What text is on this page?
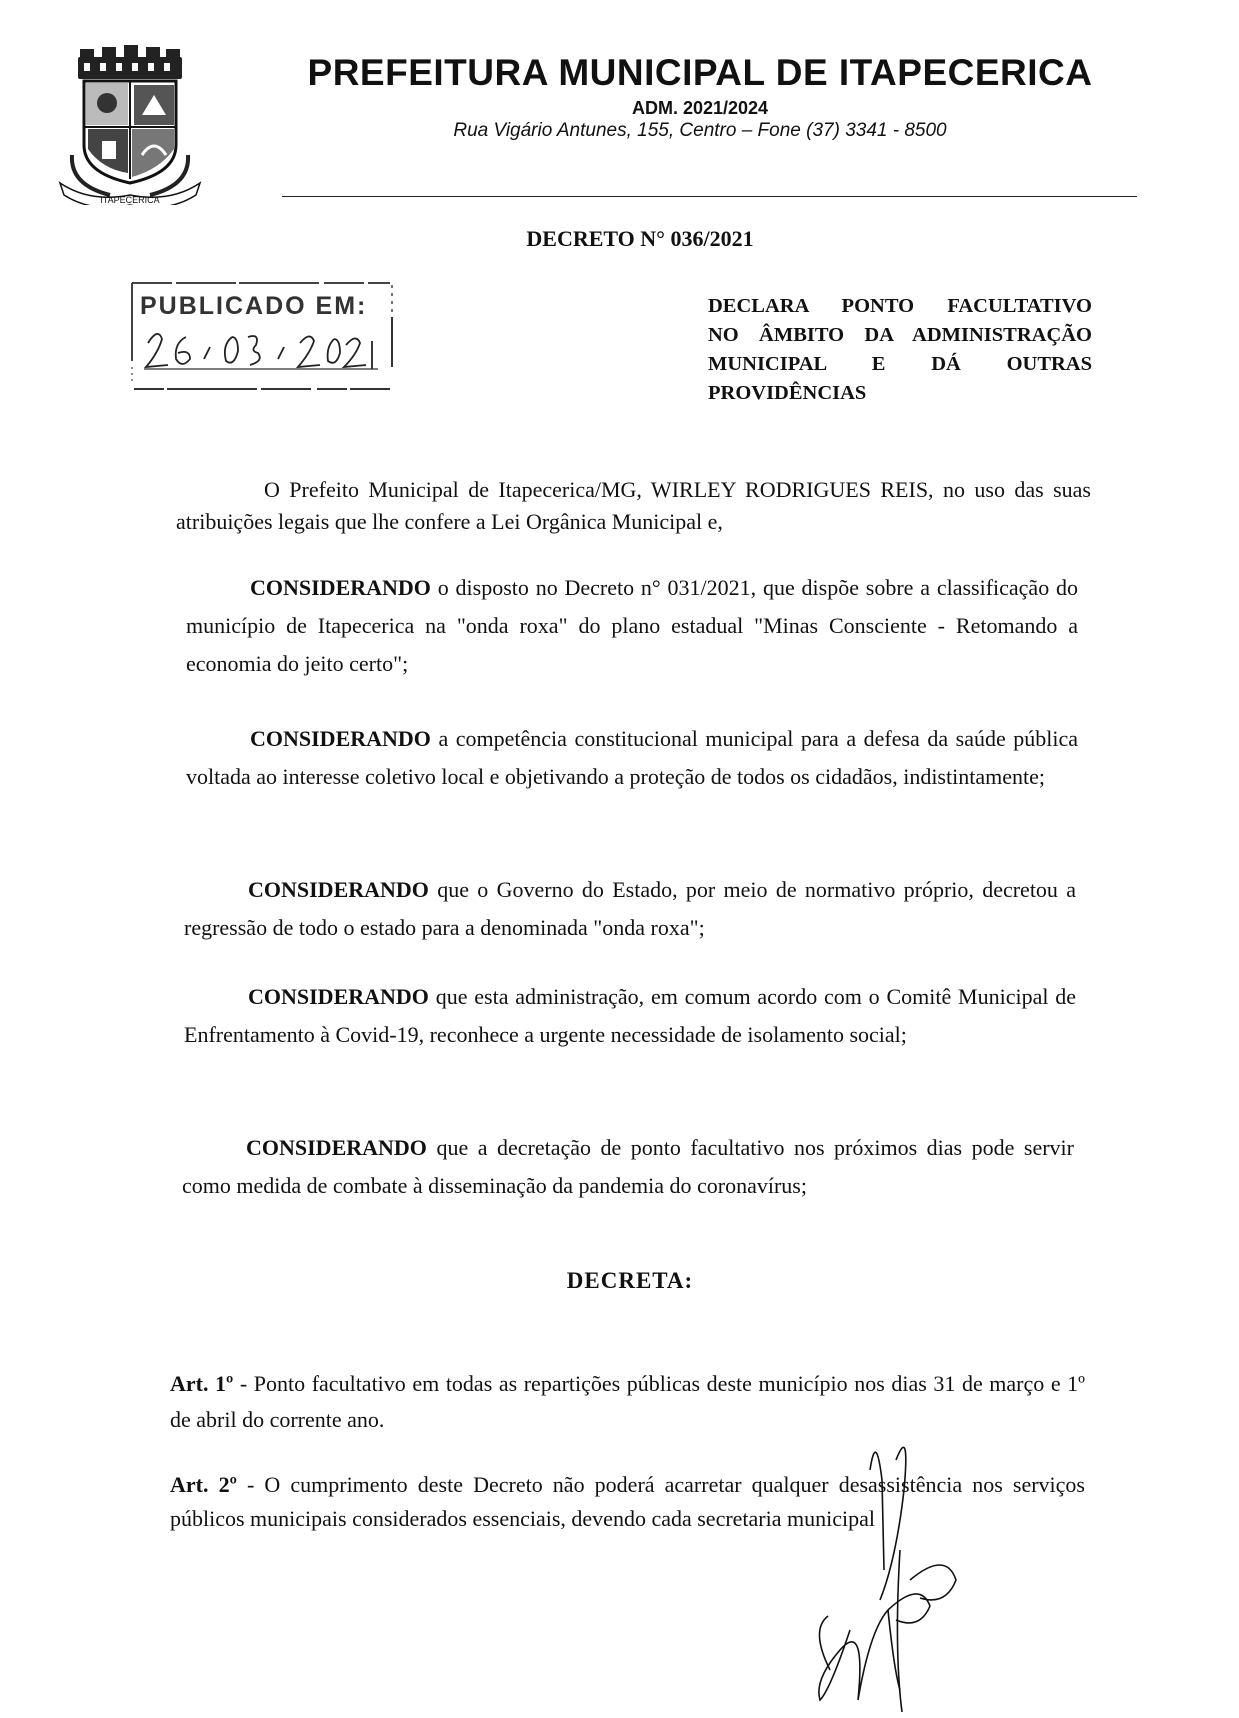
ITAPECERICA
PREFEITURA MUNICIPAL DE ITAPECERICA
ADM. 2021/2024
Rua Vigário Antunes, 155, Centro – Fone (37) 3341 - 8500
DECRETO N° 036/2021
PUBLICADO EM:	DECLARA PONTO FACULTATIVO
NO ÂMBITO DA ADMINISTRAÇÃO
MUNICIPAL E DÁ OUTRAS
PROVIDÊNCIAS
O Prefeito Municipal de Itapecerica/MG, WIRLEY RODRIGUES REIS, no uso das suas atribuições legais que lhe confere a Lei Orgânica Municipal e,
CONSIDERANDO o disposto no Decreto n° 031/2021, que dispõe sobre a classificação do município de Itapecerica na "onda roxa" do plano estadual "Minas Consciente - Retomando a economia do jeito certo";
CONSIDERANDO a competência constitucional municipal para a defesa da saúde pública voltada ao interesse coletivo local e objetivando a proteção de todos os cidadãos, indistintamente;
CONSIDERANDO que o Governo do Estado, por meio de normativo próprio, decretou a regressão de todo o estado para a denominada "onda roxa";
CONSIDERANDO que esta administração, em comum acordo com o Comitê Municipal de Enfrentamento à Covid-19, reconhece a urgente necessidade de isolamento social;
CONSIDERANDO que a decretação de ponto facultativo nos próximos dias pode servir como medida de combate à disseminação da pandemia do coronavírus;
DECRETA:
Art. 1º - Ponto facultativo em todas as repartições públicas deste município nos dias 31 de março e 1º de abril do corrente ano.
Art. 2º - O cumprimento deste Decreto não poderá acarretar qualquer desassistência nos serviços públicos municipais considerados essenciais, devendo cada secretaria municipal
